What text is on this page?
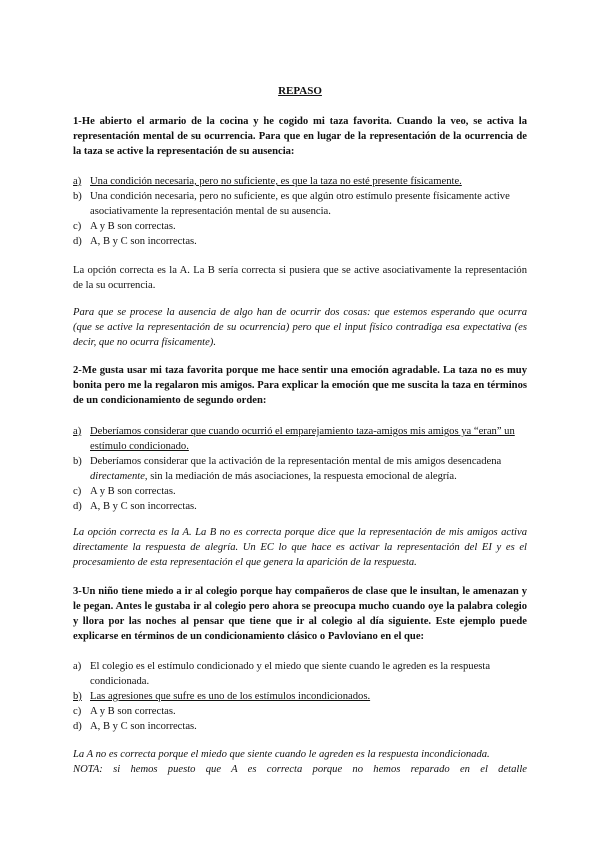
REPASO

1-He abierto el armario de la cocina y he cogido mi taza favorita. Cuando la veo, se activa la representación mental de su ocurrencia. Para que en lugar de la representación de la ocurrencia de la taza se active la representación de su ausencia:

a) Una condición necesaria, pero no suficiente, es que la taza no esté presente físicamente.
b) Una condición necesaria, pero no suficiente, es que algún otro estímulo presente físicamente active asociativamente la representación mental de su ausencia.
c) A y B son correctas.
d) A, B y C son incorrectas.

La opción correcta es la A. La B sería correcta si pusiera que se active asociativamente la representación de la su ocurrencia.

Para que se procese la ausencia de algo han de ocurrir dos cosas: que estemos esperando que ocurra (que se active la representación de su ocurrencia) pero que el input físico contradiga esa expectativa (es decir, que no ocurra físicamente).

2-Me gusta usar mi taza favorita porque me hace sentir una emoción agradable. La taza no es muy bonita pero me la regalaron mis amigos. Para explicar la emoción que me suscita la taza en términos de un condicionamiento de segundo orden:

a) Deberíamos considerar que cuando ocurrió el emparejamiento taza-amigos mis amigos ya “eran” un estímulo condicionado.
b) Deberíamos considerar que la activación de la representación mental de mis amigos desencadena directamente, sin la mediación de más asociaciones, la respuesta emocional de alegría.
c) A y B son correctas.
d) A, B y C son incorrectas.

La opción correcta es la A. La B no es correcta porque dice que la representación de mis amigos activa directamente la respuesta de alegría. Un EC lo que hace es activar la representación del EI y es el procesamiento de esta representación el que genera la aparición de la respuesta.

3-Un niño tiene miedo a ir al colegio porque hay compañeros de clase que le insultan, le amenazan y le pegan. Antes le gustaba ir al colegio pero ahora se preocupa mucho cuando oye la palabra colegio y llora por las noches al pensar que tiene que ir al colegio al día siguiente. Este ejemplo puede explicarse en términos de un condicionamiento clásico o Pavloviano en el que:

a) El colegio es el estímulo condicionado y el miedo que siente cuando le agreden es la respuesta condicionada.
b) Las agresiones que sufre es uno de los estímulos incondicionados.
c) A y B son correctas.
d) A, B y C son incorrectas.
La A no es correcta porque el miedo que siente cuando le agreden es la respuesta incondicionada.
NOTA: si hemos puesto que A es correcta porque no hemos reparado en el detalle
